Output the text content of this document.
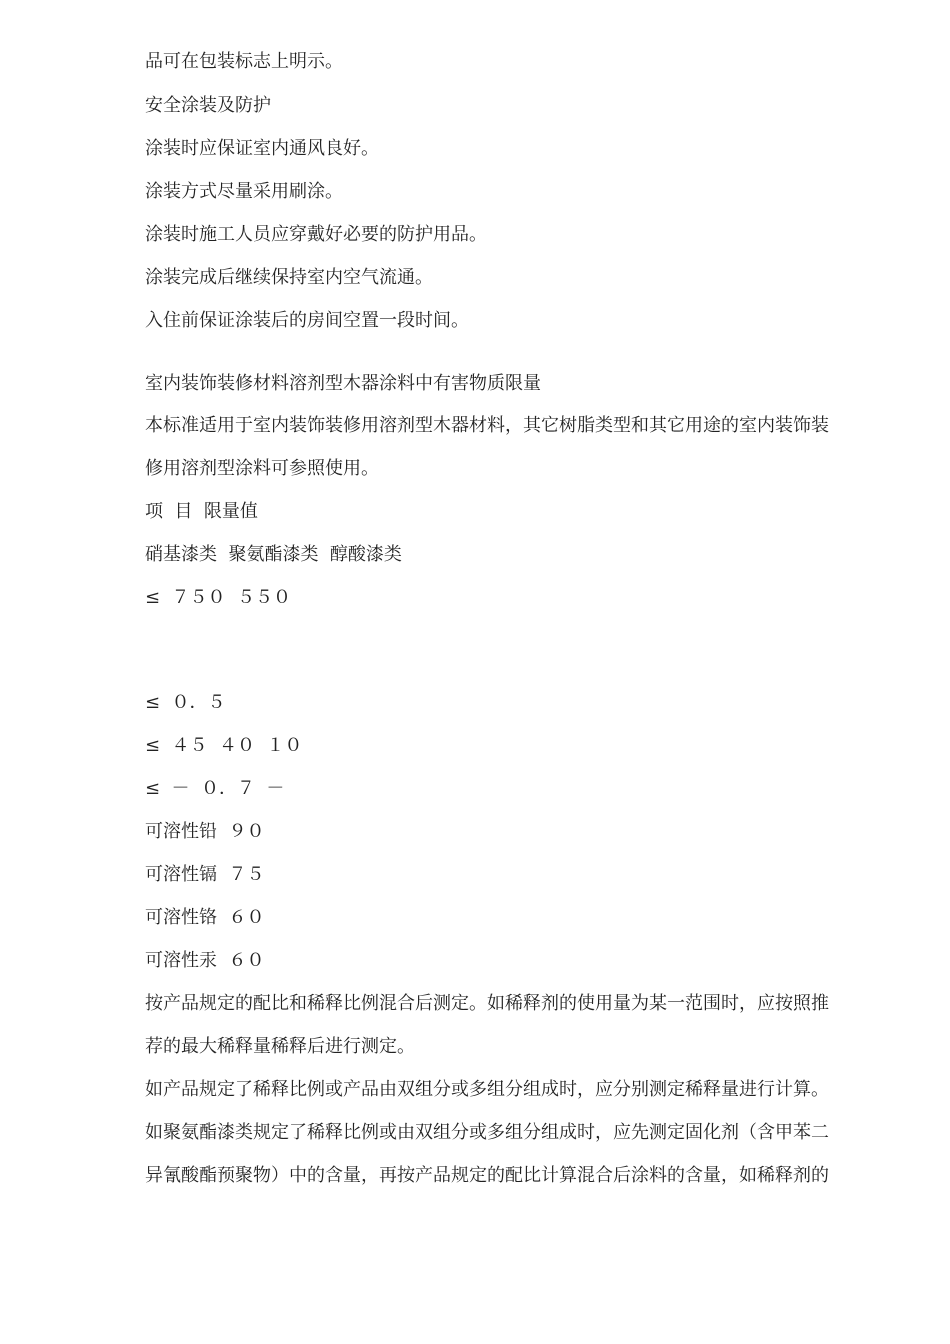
品可在包装标志上明示。
安全涂装及防护
涂装时应保证室内通风良好。
涂装方式尽量采用刷涂。
涂装时施工人员应穿戴好必要的防护用品。
涂装完成后继续保持室内空气流通。
入住前保证涂装后的房间空置一段时间。
室内装饰装修材料溶剂型木器涂料中有害物质限量
本标准适用于室内装饰装修用溶剂型木器材料，其它树脂类型和其它用途的室内装饰装
修用溶剂型涂料可参照使用。
项  目  限量值
硝基漆类  聚氨酯漆类  醇酸漆类
≤  ７５０  ５５０
≤  ０．５
≤  ４５  ４０  １０
≤  －  ０．７  －
可溶性铅  ９０
可溶性镉  ７５
可溶性铬  ６０
可溶性汞  ６０
按产品规定的配比和稀释比例混合后测定。如稀释剂的使用量为某一范围时，应按照推
荐的最大稀释量稀释后进行测定。
如产品规定了稀释比例或产品由双组分或多组分组成时，应分别测定稀释量进行计算。
如聚氨酯漆类规定了稀释比例或由双组分或多组分组成时，应先测定固化剂（含甲苯二
异氰酸酯预聚物）中的含量，再按产品规定的配比计算混合后涂料的含量，如稀释剂的
